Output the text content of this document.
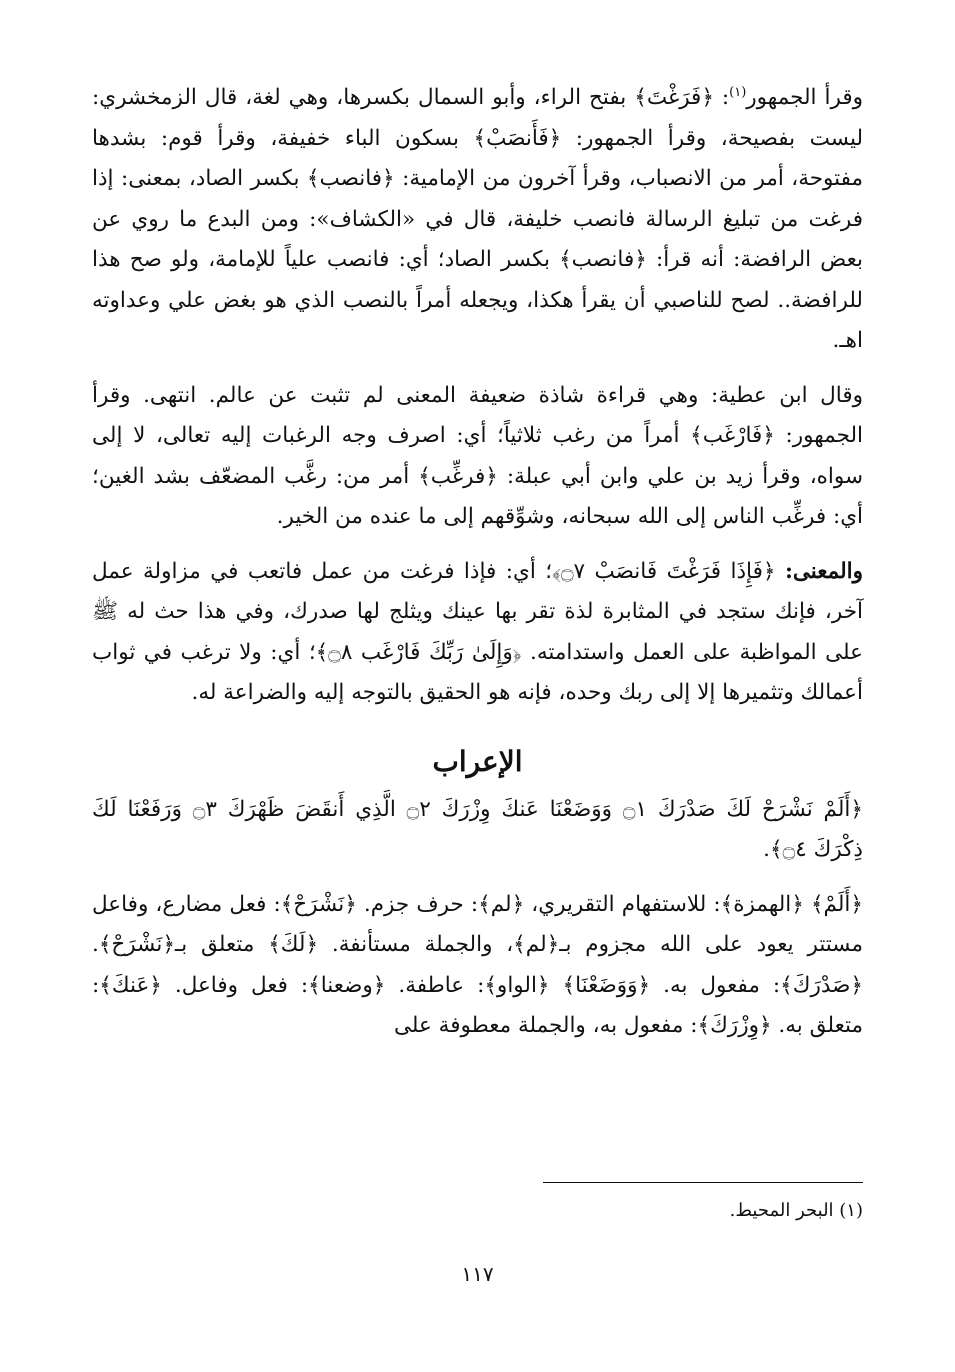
وقرأ الجمهور$^{(١)}$: ﴿فَرَغْتَ﴾ بفتح الراء، وأبو السمال بكسرها، وهي لغة، قال الزمخشري: ليست بفصيحة، وقرأ الجمهور: ﴿فَأَنصَبْ﴾ بسكون الباء خفيفة، وقرأ قوم: بشدها مفتوحة، أمر من الانصباب، وقرأ آخرون من الإمامية: ﴿فانصب﴾ بكسر الصاد، بمعنى: إذا فرغت من تبليغ الرسالة فانصب خليفة، قال في «الكشاف»: ومن البدع ما روي عن بعض الرافضة: أنه قرأ: ﴿فانصب﴾ بكسر الصاد؛ أي: فانصب علياً للإمامة، ولو صح هذا للرافضة.. لصح للناصبي أن يقرأ هكذا، ويجعله أمراً بالنصب الذي هو بغض علي وعداوته اهـ.

وقال ابن عطية: وهي قراءة شاذة ضعيفة المعنى لم تثبت عن عالم. انتهى. وقرأ الجمهور: ﴿فَارْغَب﴾ أمراً من رغب ثلاثياً؛ أي: اصرف وجه الرغبات إليه تعالى، لا إلى سواه، وقرأ زيد بن علي وابن أبي عبلة: ﴿فرغِّب﴾ أمر من: رغَّب المضعّف بشد الغين؛ أي: فرغِّب الناس إلى الله سبحانه، وشوِّقهم إلى ما عنده من الخير.

والمعنى: ﴿فَإِذَا فَرَغْتَ فَانصَبْ ۝٧﴾؛ أي: فإذا فرغت من عمل فاتعب في مزاولة عمل آخر، فإنك ستجد في المثابرة لذة تقر بها عينك ويثلج لها صدرك، وفي هذا حث له ﷺ على المواظبة على العمل واستدامته. ﴿وَإِلَىٰ رَبِّكَ فَارْغَب ۝٨﴾؛ أي: ولا ترغب في ثواب أعمالك وتثميرها إلا إلى ربك وحده، فإنه هو الحقيق بالتوجه إليه والضراعة له.

الإعراب

﴿أَلَمْ نَشْرَحْ لَكَ صَدْرَكَ ۝١ وَوَضَعْنَا عَنكَ وِزْرَكَ ۝٢ الَّذِي أَنقَضَ ظَهْرَكَ ۝٣ وَرَفَعْنَا لَكَ ذِكْرَكَ ۝٤﴾.

﴿أَلَمْ﴾ ﴿الهمزة﴾: للاستفهام التقريري، ﴿لم﴾: حرف جزم. ﴿نَشْرَحْ﴾: فعل مضارع، وفاعل مستتر يعود على الله مجزوم بـ﴿لم﴾، والجملة مستأنفة. ﴿لَكَ﴾ متعلق بـ﴿نَشْرَحْ﴾. ﴿صَدْرَكَ﴾: مفعول به. ﴿وَوَضَعْنَا﴾ ﴿الواو﴾: عاطفة. ﴿وضعنا﴾: فعل وفاعل. ﴿عَنكَ﴾: متعلق به. ﴿وِزْرَكَ﴾: مفعول به، والجملة معطوفة على

(١) البحر المحيط.
١١٧
